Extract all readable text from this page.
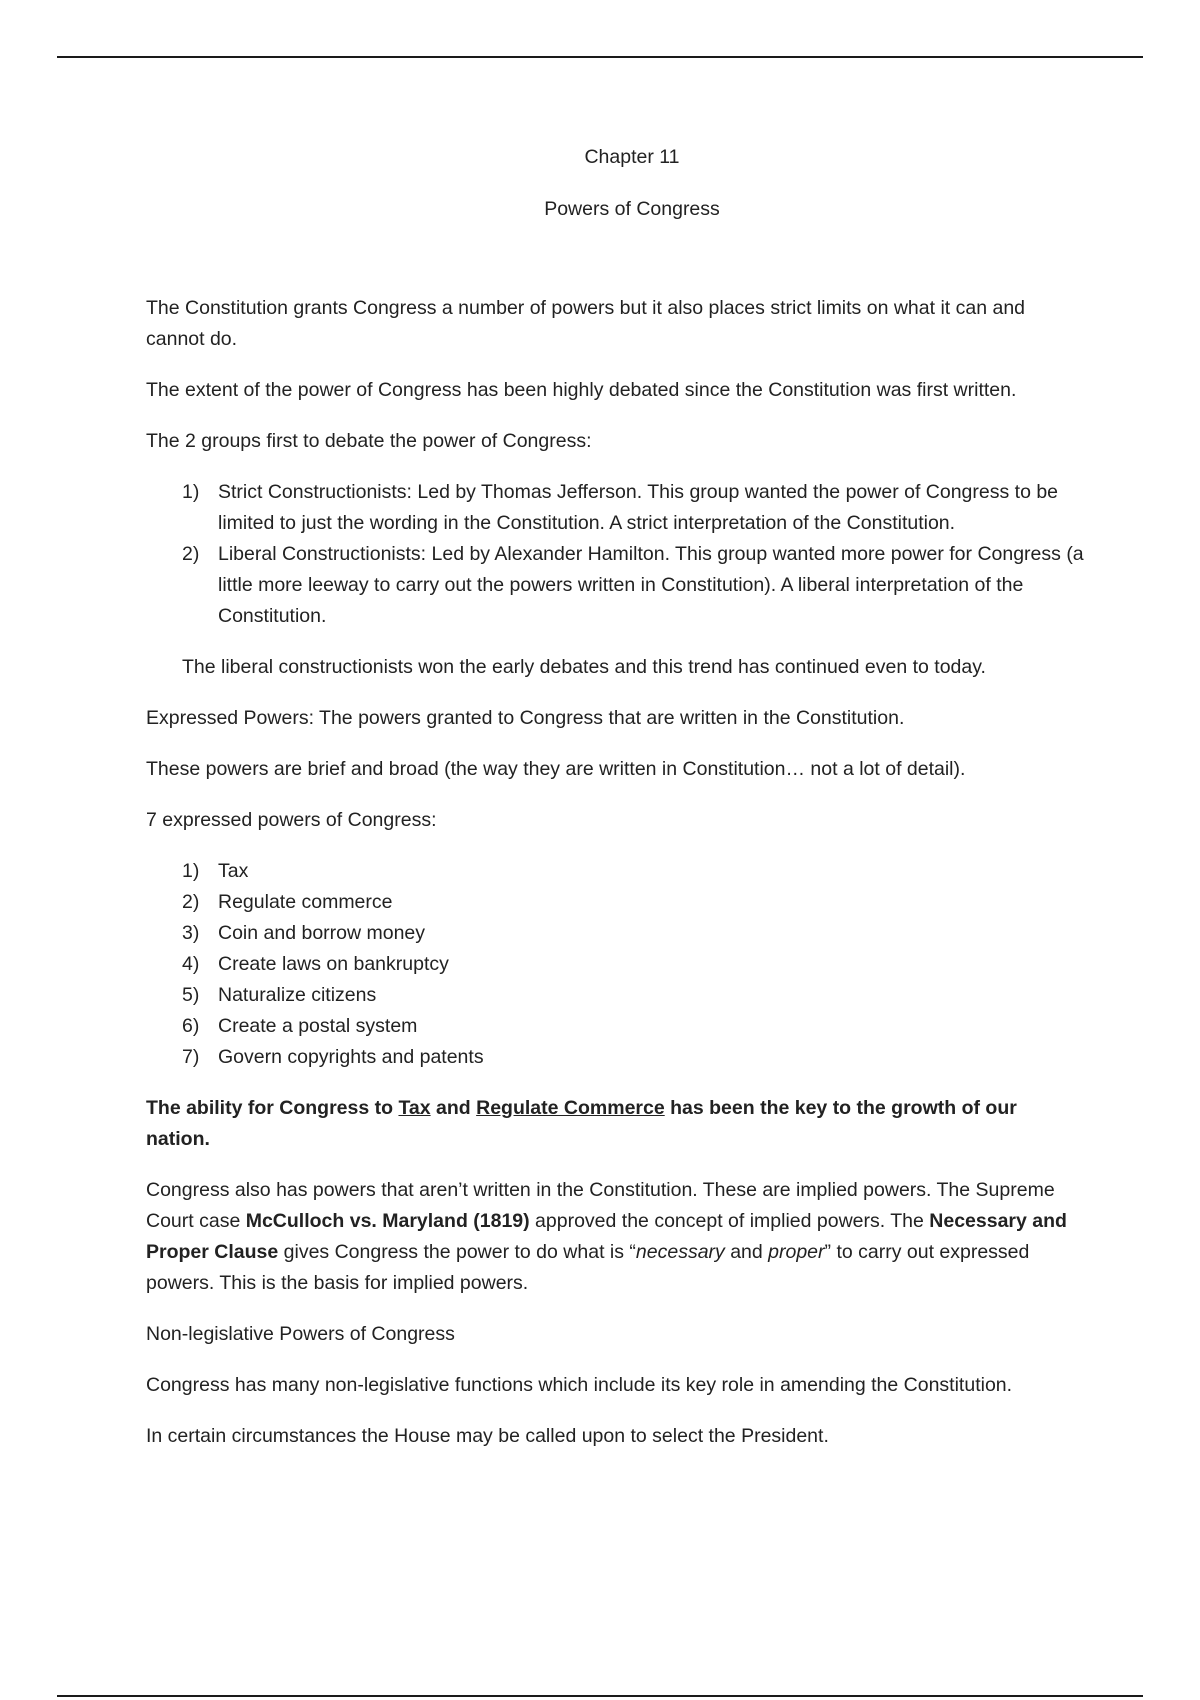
Chapter 11

Powers of Congress

The Constitution grants Congress a number of powers but it also places strict limits on what it can and cannot do.

The extent of the power of Congress has been highly debated since the Constitution was first written.

The 2 groups first to debate the power of Congress:

1) Strict Constructionists: Led by Thomas Jefferson. This group wanted the power of Congress to be limited to just the wording in the Constitution. A strict interpretation of the Constitution.
2) Liberal Constructionists: Led by Alexander Hamilton. This group wanted more power for Congress (a little more leeway to carry out the powers written in Constitution). A liberal interpretation of the Constitution.

The liberal constructionists won the early debates and this trend has continued even to today.

Expressed Powers: The powers granted to Congress that are written in the Constitution.

These powers are brief and broad (the way they are written in Constitution… not a lot of detail).

7 expressed powers of Congress:

1) Tax
2) Regulate commerce
3) Coin and borrow money
4) Create laws on bankruptcy
5) Naturalize citizens
6) Create a postal system
7) Govern copyrights and patents

The ability for Congress to Tax and Regulate Commerce has been the key to the growth of our nation.

Congress also has powers that aren’t written in the Constitution. These are implied powers. The Supreme Court case McCulloch vs. Maryland (1819) approved the concept of implied powers. The Necessary and Proper Clause gives Congress the power to do what is “necessary and proper” to carry out expressed powers. This is the basis for implied powers.

Non-legislative Powers of Congress

Congress has many non-legislative functions which include its key role in amending the Constitution.

In certain circumstances the House may be called upon to select the President.
